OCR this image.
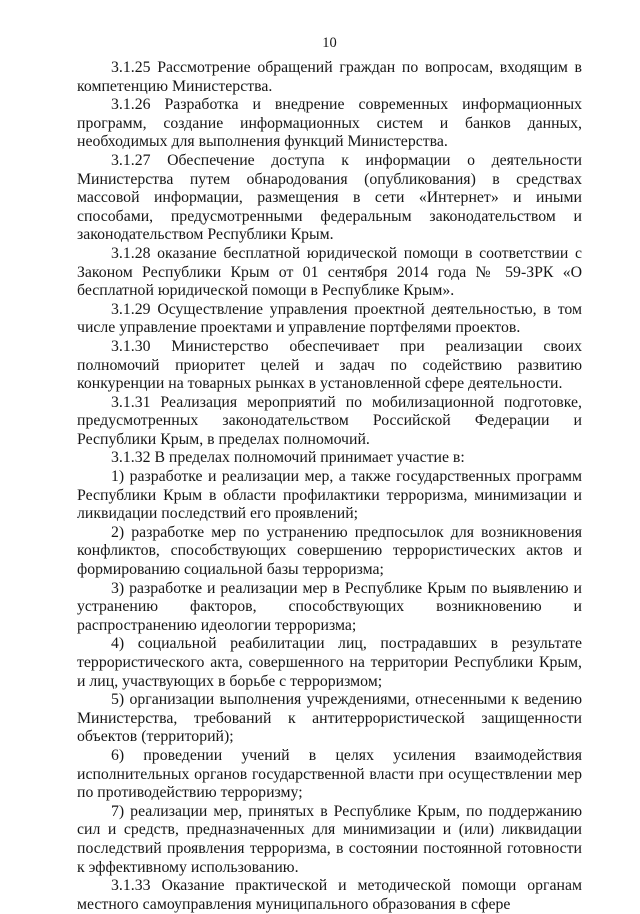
10

3.1.25 Рассмотрение обращений граждан по вопросам, входящим в компетенцию Министерства.

3.1.26 Разработка и внедрение современных информационных программ, создание информационных систем и банков данных, необходимых для выполнения функций Министерства.

3.1.27 Обеспечение доступа к информации о деятельности Министерства путем обнародования (опубликования) в средствах массовой информации, размещения в сети «Интернет» и иными способами, предусмотренными федеральным законодательством и законодательством Республики Крым.

3.1.28 оказание бесплатной юридической помощи в соответствии с Законом Республики Крым от 01 сентября 2014 года № 59-ЗРК «О бесплатной юридической помощи в Республике Крым».

3.1.29 Осуществление управления проектной деятельностью, в том числе управление проектами и управление портфелями проектов.

3.1.30 Министерство обеспечивает при реализации своих полномочий приоритет целей и задач по содействию развитию конкуренции на товарных рынках в установленной сфере деятельности.

3.1.31 Реализация мероприятий по мобилизационной подготовке, предусмотренных законодательством Российской Федерации и Республики Крым, в пределах полномочий.

3.1.32 В пределах полномочий принимает участие в:

1) разработке и реализации мер, а также государственных программ Республики Крым в области профилактики терроризма, минимизации и ликвидации последствий его проявлений;

2) разработке мер по устранению предпосылок для возникновения конфликтов, способствующих совершению террористических актов и формированию социальной базы терроризма;

3) разработке и реализации мер в Республике Крым по выявлению и устранению факторов, способствующих возникновению и распространению идеологии терроризма;

4) социальной реабилитации лиц, пострадавших в результате террористического акта, совершенного на территории Республики Крым, и лиц, участвующих в борьбе с терроризмом;

5) организации выполнения учреждениями, отнесенными к ведению Министерства, требований к антитеррористической защищенности объектов (территорий);

6) проведении учений в целях усиления взаимодействия исполнительных органов государственной власти при осуществлении мер по противодействию терроризму;

7) реализации мер, принятых в Республике Крым, по поддержанию сил и средств, предназначенных для минимизации и (или) ликвидации последствий проявления терроризма, в состоянии постоянной готовности к эффективному использованию.

3.1.33 Оказание практической и методической помощи органам местного самоуправления муниципального образования в сфере
